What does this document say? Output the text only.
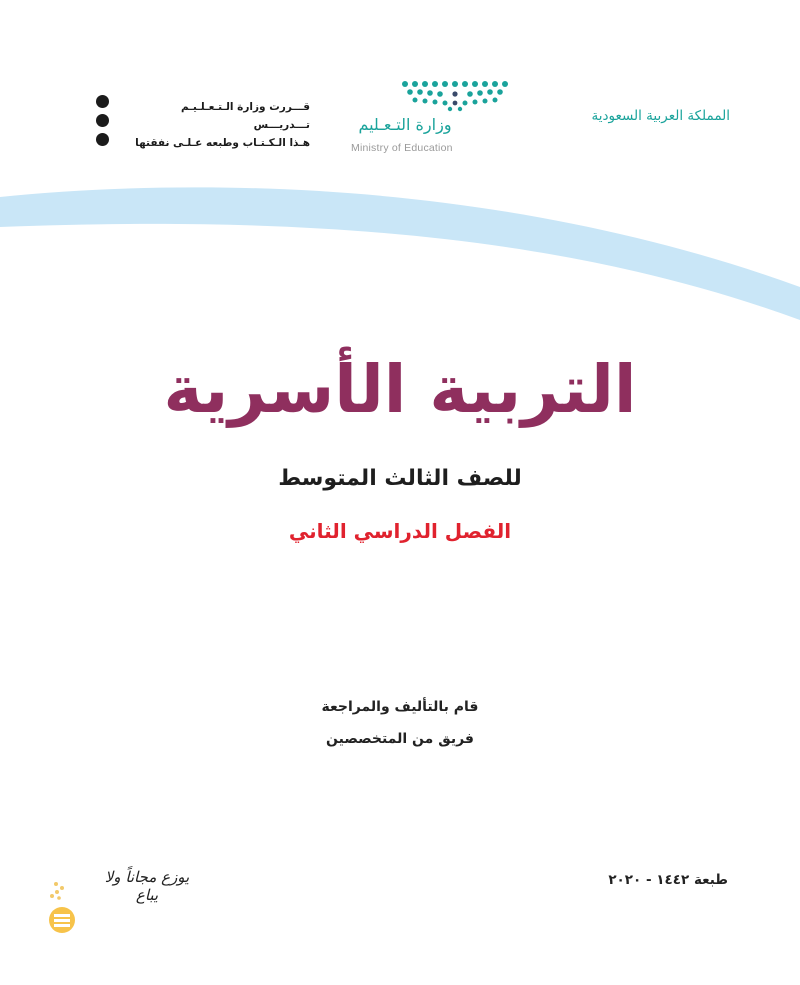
قـــررت وزارة الـتـعـلـيـم تـــدريـــس
هـذا الـكـتـاب وطبعه عـلـى نفقتها
وزارة التـعـليم
Ministry of Education
المملكة العربية السعودية
التربية الأسرية
للصف الثالث المتوسط
الفصل الدراسي الثاني
قام بالتأليف والمراجعة
فريق من المتخصصين
طبعة ١٤٤٢ - ٢٠٢٠
يوزع مجاناً ولا يباع
